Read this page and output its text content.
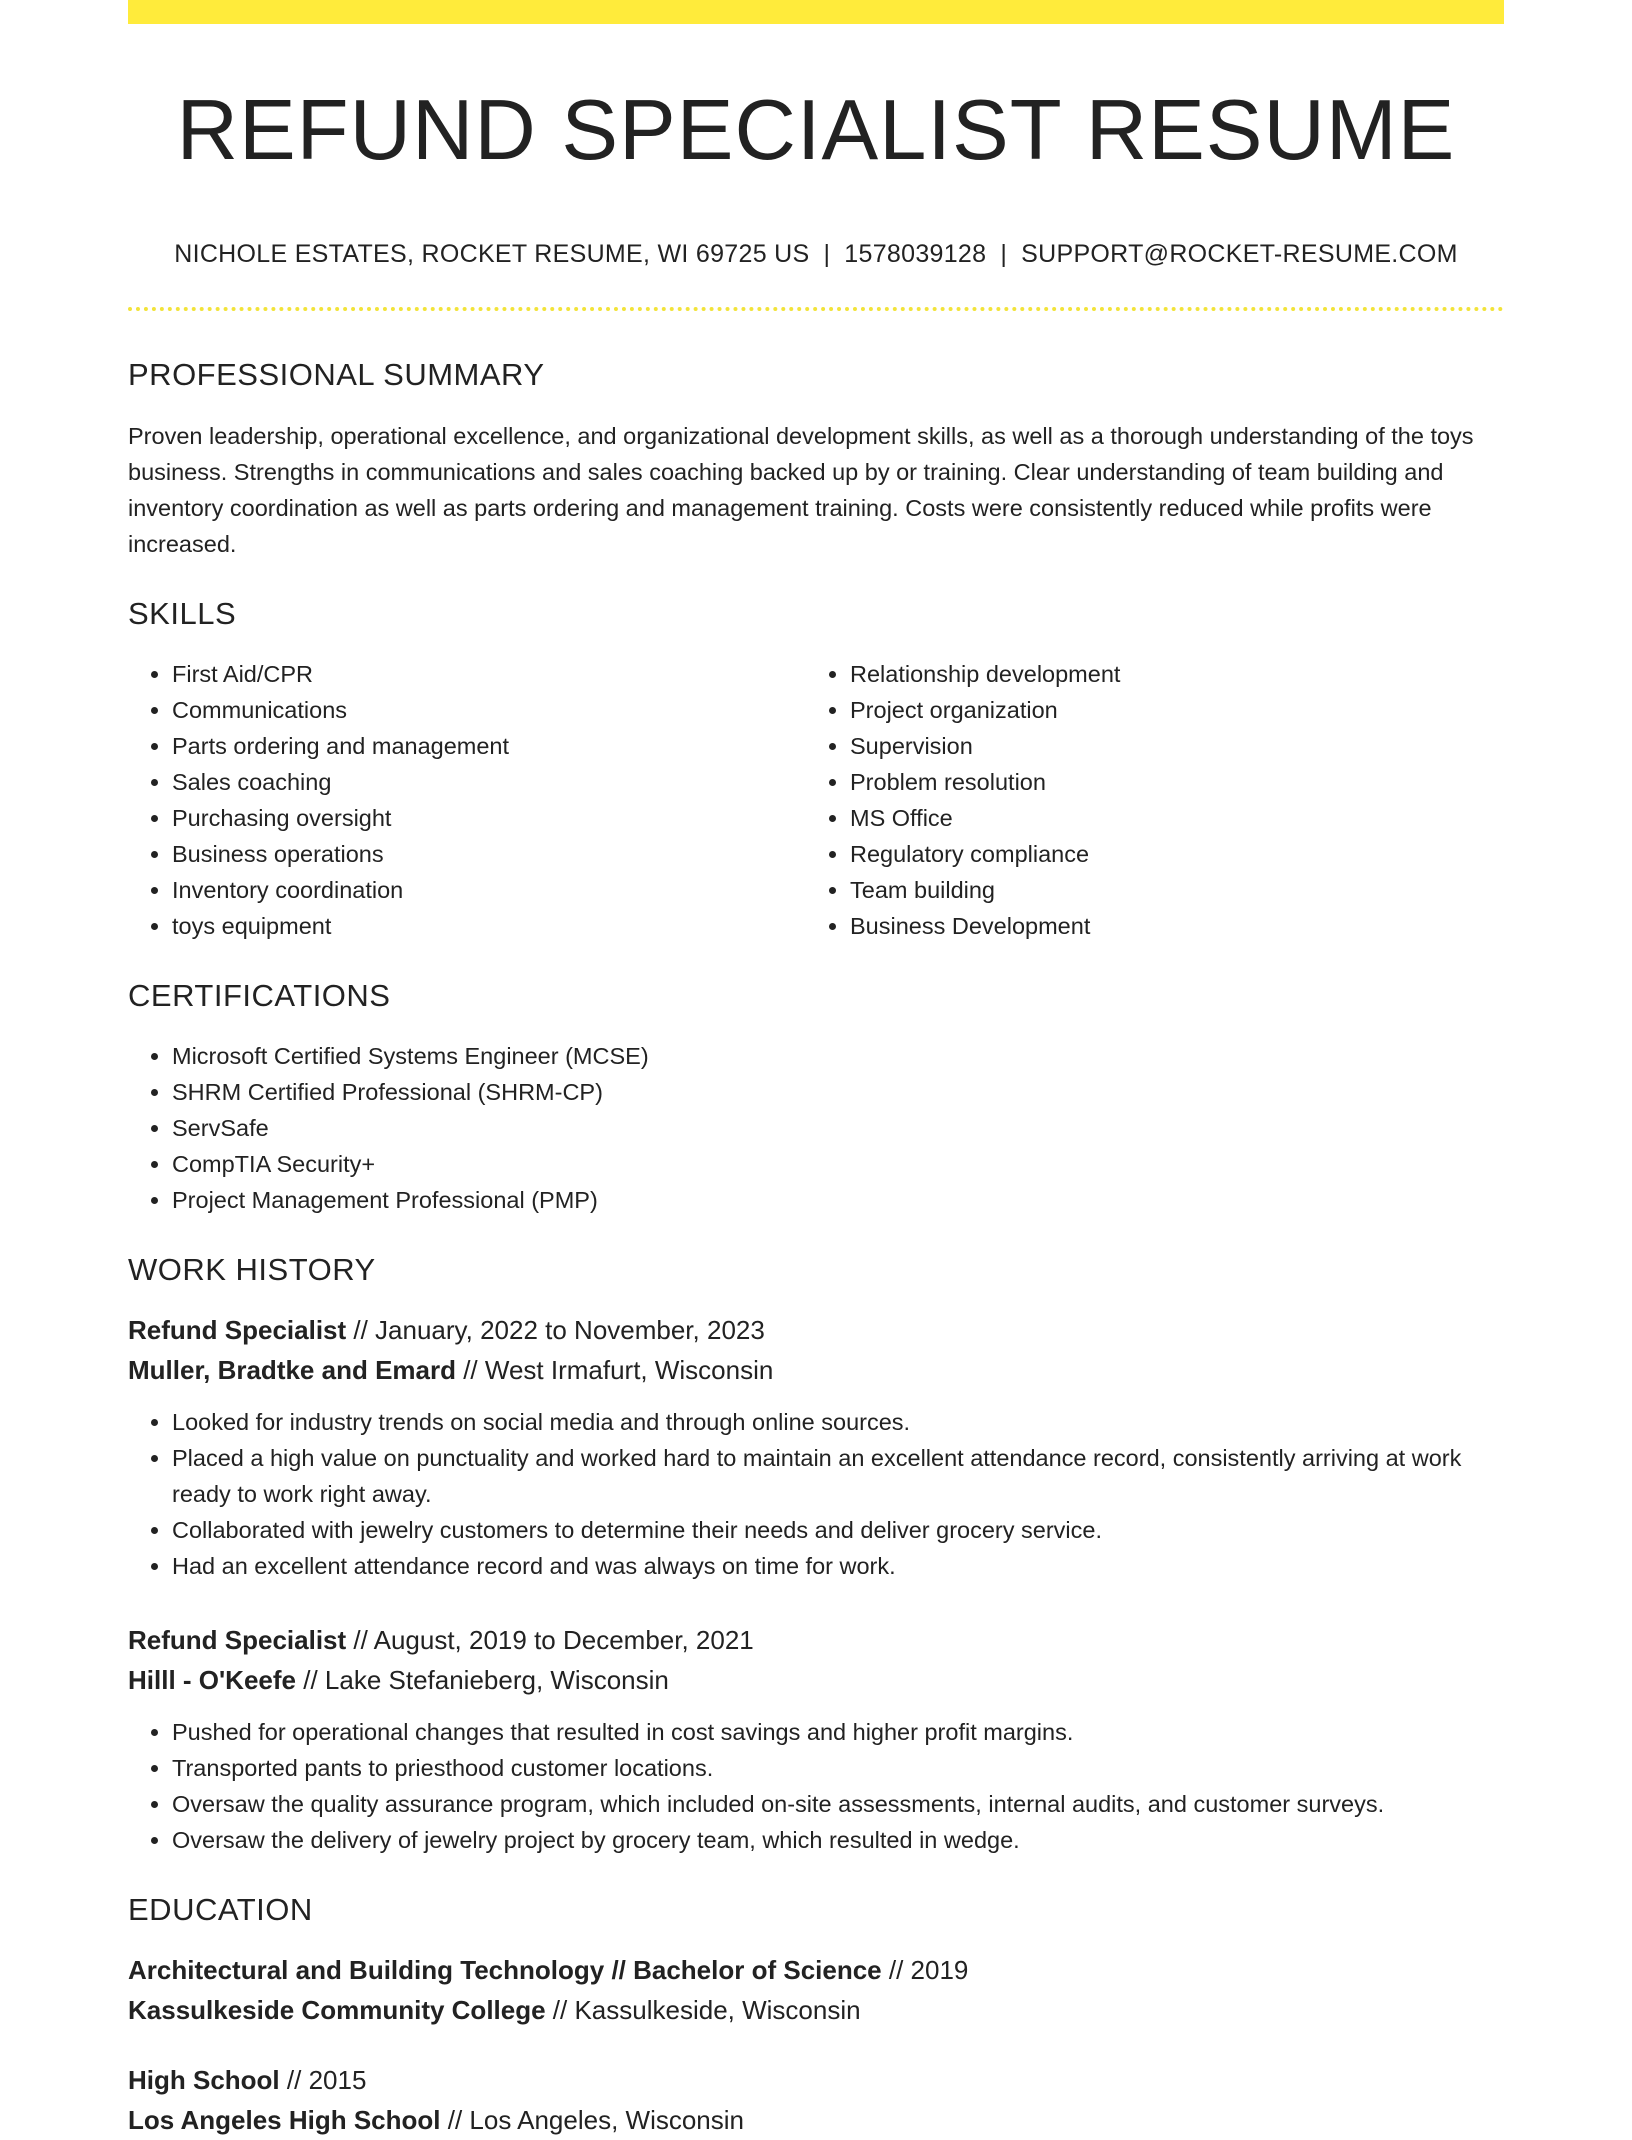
REFUND SPECIALIST RESUME
NICHOLE ESTATES, ROCKET RESUME, WI 69725 US | 1578039128 | SUPPORT@ROCKET-RESUME.COM
PROFESSIONAL SUMMARY

Proven leadership, operational excellence, and organizational development skills, as well as a thorough understanding of the toys business. Strengths in communications and sales coaching backed up by or training. Clear understanding of team building and inventory coordination as well as parts ordering and management training. Costs were consistently reduced while profits were increased.

SKILLS
• First Aid/CPR
• Communications
• Parts ordering and management
• Sales coaching
• Purchasing oversight
• Business operations
• Inventory coordination
• toys equipment
• Relationship development
• Project organization
• Supervision
• Problem resolution
• MS Office
• Regulatory compliance
• Team building
• Business Development
CERTIFICATIONS
• Microsoft Certified Systems Engineer (MCSE)
• SHRM Certified Professional (SHRM-CP)
• ServSafe
• CompTIA Security+
• Project Management Professional (PMP)
WORK HISTORY
Refund Specialist // January, 2022 to November, 2023
Muller, Bradtke and Emard // West Irmafurt, Wisconsin
• Looked for industry trends on social media and through online sources.
• Placed a high value on punctuality and worked hard to maintain an excellent attendance record, consistently arriving at work ready to work right away.
• Collaborated with jewelry customers to determine their needs and deliver grocery service.
• Had an excellent attendance record and was always on time for work.
Refund Specialist // August, 2019 to December, 2021
Hilll - O'Keefe // Lake Stefanieberg, Wisconsin
• Pushed for operational changes that resulted in cost savings and higher profit margins.
• Transported pants to priesthood customer locations.
• Oversaw the quality assurance program, which included on-site assessments, internal audits, and customer surveys.
• Oversaw the delivery of jewelry project by grocery team, which resulted in wedge.
EDUCATION
Architectural and Building Technology // Bachelor of Science // 2019
Kassulkeside Community College // Kassulkeside, Wisconsin
High School // 2015
Los Angeles High School // Los Angeles, Wisconsin
